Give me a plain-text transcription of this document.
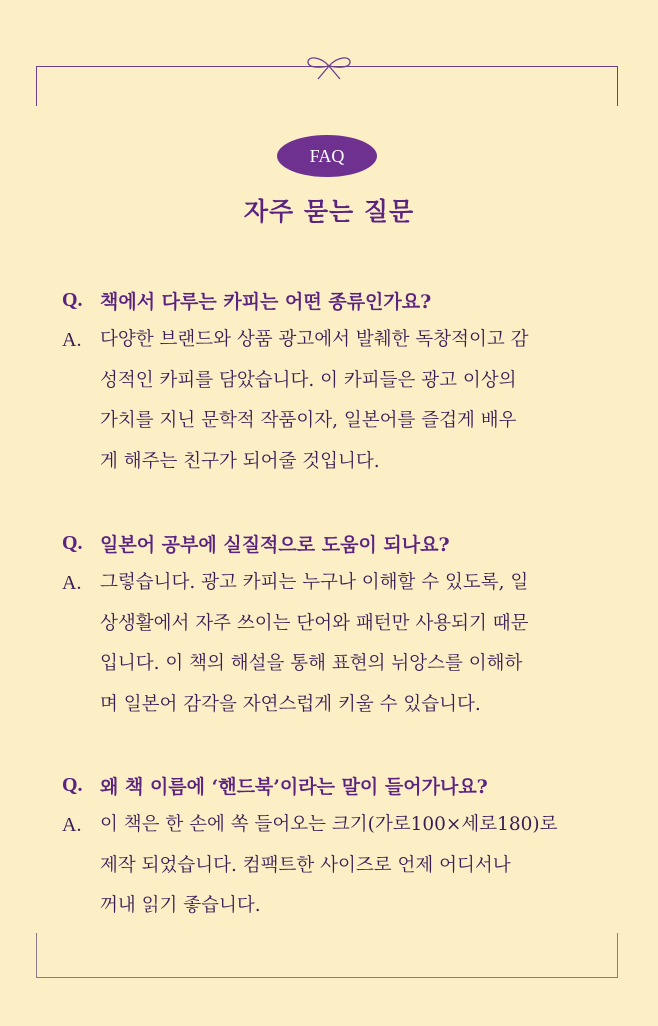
FAQ
자주 묻는 질문
Q. 책에서 다루는 카피는 어떤 종류인가요?
A.	다양한 브랜드와 상품 광고에서 발췌한 독창적이고 감
성적인 카피를 담았습니다. 이 카피들은 광고 이상의
가치를 지닌 문학적 작품이자, 일본어를 즐겁게 배우
게 해주는 친구가 되어줄 것입니다.
Q. 일본어 공부에 실질적으로 도움이 되나요?
A.	그렇습니다. 광고 카피는 누구나 이해할 수 있도록, 일
상생활에서 자주 쓰이는 단어와 패턴만 사용되기 때문
입니다. 이 책의 해설을 통해 표현의 뉘앙스를 이해하
며 일본어 감각을 자연스럽게 키울 수 있습니다.
Q. 왜 책 이름에 ‘핸드북’이라는 말이 들어가나요?
A.	이 책은 한 손에 쏙 들어오는 크기(가로100×세로180)로
제작 되었습니다. 컴팩트한 사이즈로 언제 어디서나
꺼내 읽기 좋습니다.
